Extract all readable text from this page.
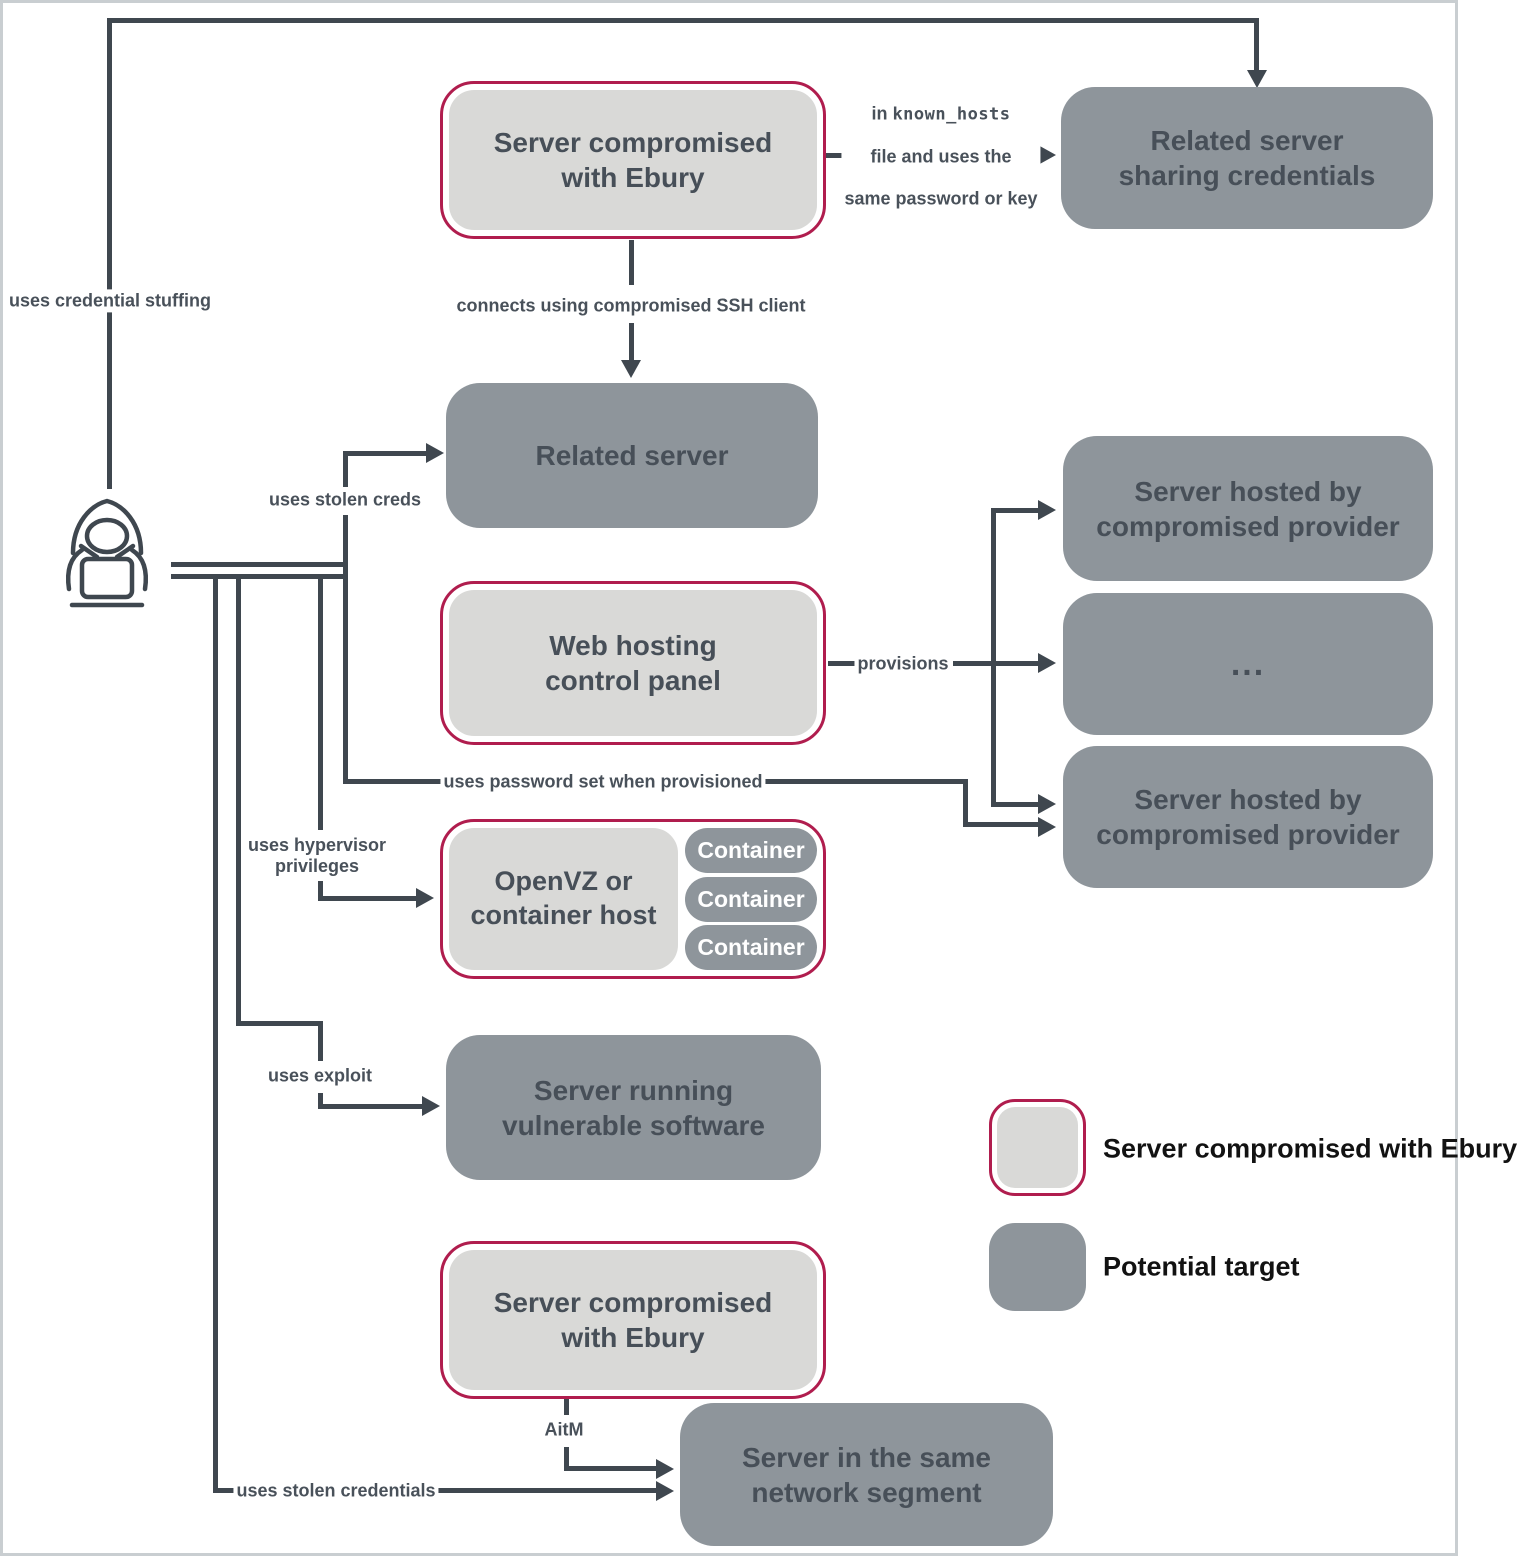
uses credential stuffing	connects using compromised SSH client

in known_hosts

file and uses the

same password or key

uses stolen creds
provisions
uses password set when provisioned
uses hypervisor
privileges
uses exploit
AitM
uses stolen credentials
Server compromised
with Ebury
Related server
sharing credentials
Related server
Web hosting
control panel
Server hosted by
compromised provider
...
Server hosted by
compromised provider
OpenVZ or
container host
Container
Container
Container
Server running
vulnerable software
Server compromised
with Ebury
Server in the same
network segment
Server compromised with Ebury
Potential target
